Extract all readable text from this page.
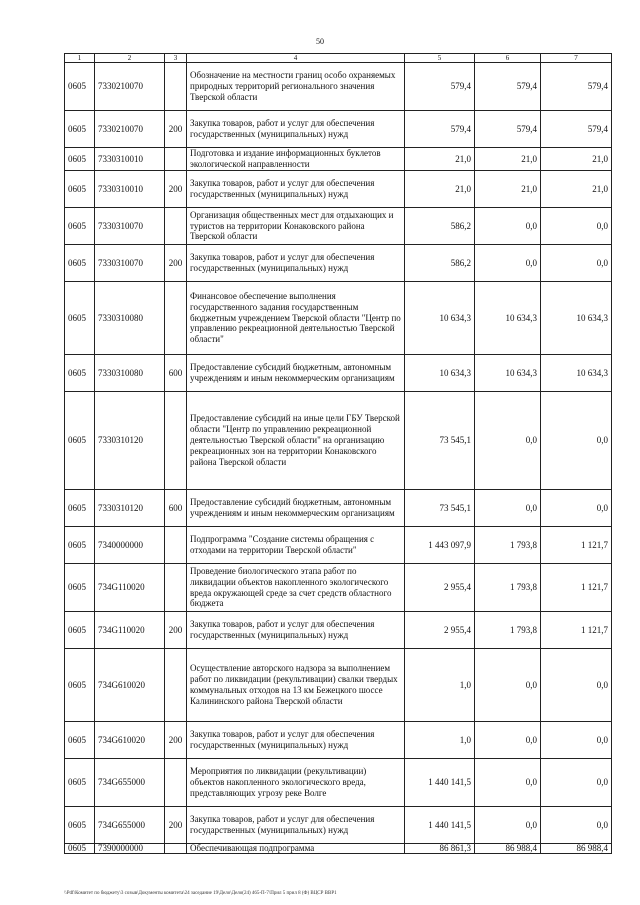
50
1	2	3	4	5	6	7
0605	7330210070		Обозначение на местности границ особо охраняемых природных территорий регионального значения Тверской области	579,4	579,4	579,4
0605	7330210070	200	Закупка товаров, работ и услуг для обеспечения государственных (муниципальных) нужд	579,4	579,4	579,4
0605	7330310010		Подготовка и издание информационных буклетов экологической направленности	21,0	21,0	21,0
0605	7330310010	200	Закупка товаров, работ и услуг для обеспечения государственных (муниципальных) нужд	21,0	21,0	21,0
0605	7330310070		Организация общественных мест для отдыхающих и туристов на территории Конаковского района Тверской области	586,2	0,0	0,0
0605	7330310070	200	Закупка товаров, работ и услуг для обеспечения государственных (муниципальных) нужд	586,2	0,0	0,0
0605	7330310080		Финансовое обеспечение выполнения государственного задания государственным бюджетным учреждением Тверской области "Центр по управлению рекреационной деятельностью Тверской области"	10 634,3	10 634,3	10 634,3
0605	7330310080	600	Предоставление субсидий бюджетным, автономным учреждениям и иным некоммерческим организациям	10 634,3	10 634,3	10 634,3
0605	7330310120		Предоставление субсидий на иные цели ГБУ Тверской области "Центр по управлению рекреационной деятельностью Тверской области" на организацию рекреационных зон на территории Конаковского района Тверской области	73 545,1	0,0	0,0
0605	7330310120	600	Предоставление субсидий бюджетным, автономным учреждениям и иным некоммерческим организациям	73 545,1	0,0	0,0
0605	7340000000		Подпрограмма "Создание системы обращения с отходами на территории Тверской области"	1 443 097,9	1 793,8	1 121,7
0605	734G110020		Проведение биологического этапа работ по ликвидации объектов накопленного экологического вреда окружающей среде за счет средств областного бюджета	2 955,4	1 793,8	1 121,7
0605	734G110020	200	Закупка товаров, работ и услуг для обеспечения государственных (муниципальных) нужд	2 955,4	1 793,8	1 121,7
0605	734G610020		Осуществление авторского надзора за выполнением работ по ликвидации (рекультивации) свалки твердых коммунальных отходов на 13 км Бежецкого шоссе Калининского района Тверской области	1,0	0,0	0,0
0605	734G610020	200	Закупка товаров, работ и услуг для обеспечения государственных (муниципальных) нужд	1,0	0,0	0,0
0605	734G655000		Мероприятия по ликвидации (рекультивации) объектов накопленного экологического вреда, представляющих угрозу реке Волге	1 440 141,5	0,0	0,0
0605	734G655000	200	Закупка товаров, работ и услуг для обеспечения государственных (муниципальных) нужд	1 440 141,5	0,0	0,0
0605	7390000000		Обеспечивающая подпрограмма	86 861,3	86 988,4	86 988,4
\\Pdf\Комитет по бюджету\3 созыв\Документы комитета\24 заседание 19\Дело\Дело(24) 465-П-7\Прил 5 прил 8 (Ф) ВЦСР ВВР1
